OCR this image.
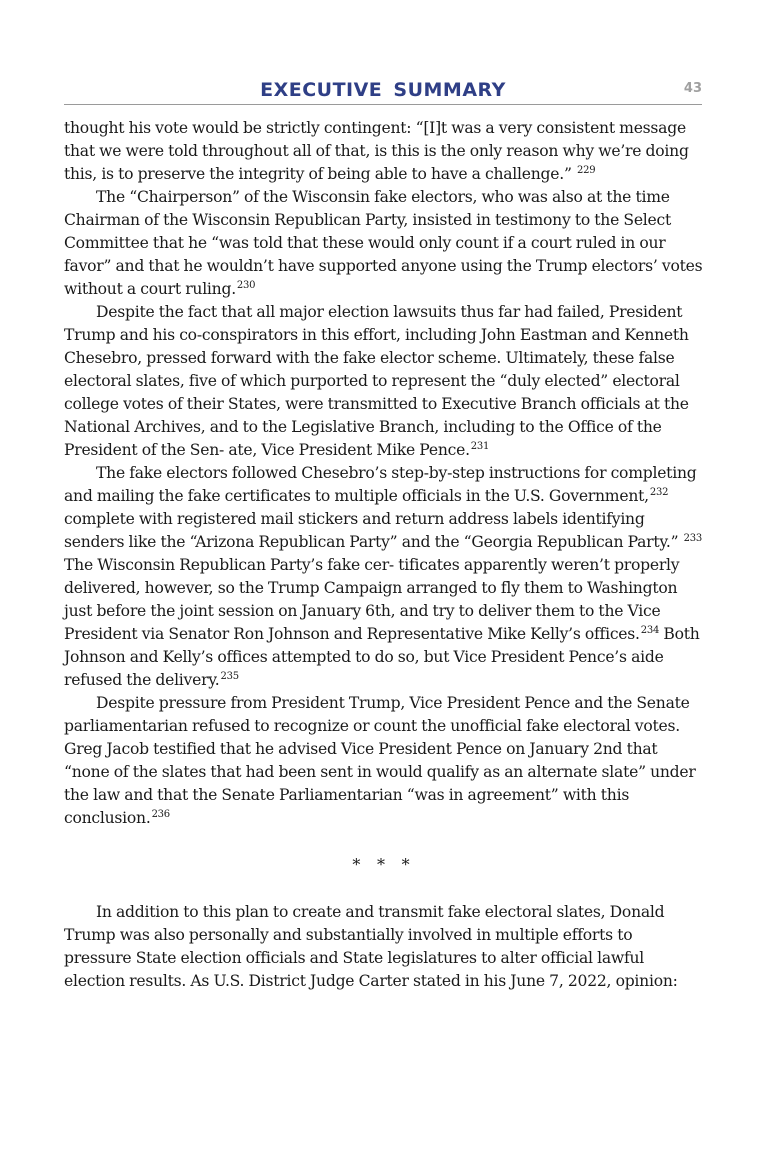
EXECUTIVE SUMMARY	43

thought his vote would be strictly contingent: “[I]t was a very consistent message that we were told throughout all of that, is this is the only reason why we’re doing this, is to preserve the integrity of being able to have a challenge.” $^{229}$

The “Chairperson” of the Wisconsin fake electors, who was also at the time Chairman of the Wisconsin Republican Party, insisted in testimony to the Select Committee that he “was told that these would only count if a court ruled in our favor” and that he wouldn’t have supported anyone using the Trump electors’ votes without a court ruling.$^{230}$

Despite the fact that all major election lawsuits thus far had failed, President Trump and his co-conspirators in this effort, including John Eastman and Kenneth Chesebro, pressed forward with the fake elector scheme. Ultimately, these false electoral slates, five of which purported to represent the “duly elected” electoral college votes of their States, were transmitted to Executive Branch officials at the National Archives, and to the Legislative Branch, including to the Office of the President of the Sen- ate, Vice President Mike Pence.$^{231}$

The fake electors followed Chesebro’s step-by-step instructions for completing and mailing the fake certificates to multiple officials in the U.S. Government,$^{232}$ complete with registered mail stickers and return address labels identifying senders like the “Arizona Republican Party” and the “Georgia Republican Party.” $^{233}$ The Wisconsin Republican Party’s fake cer- tificates apparently weren’t properly delivered, however, so the Trump Campaign arranged to fly them to Washington just before the joint session on January 6th, and try to deliver them to the Vice President via Senator Ron Johnson and Representative Mike Kelly’s offices.$^{234}$ Both Johnson and Kelly’s offices attempted to do so, but Vice President Pence’s aide refused the delivery.$^{235}$

Despite pressure from President Trump, Vice President Pence and the Senate parliamentarian refused to recognize or count the unofficial fake electoral votes. Greg Jacob testified that he advised Vice President Pence on January 2nd that “none of the slates that had been sent in would qualify as an alternate slate” under the law and that the Senate Parliamentarian “was in agreement” with this conclusion.$^{236}$

* * *

In addition to this plan to create and transmit fake electoral slates, Donald Trump was also personally and substantially involved in multiple efforts to pressure State election officials and State legislatures to alter official lawful election results. As U.S. District Judge Carter stated in his June 7, 2022, opinion:
